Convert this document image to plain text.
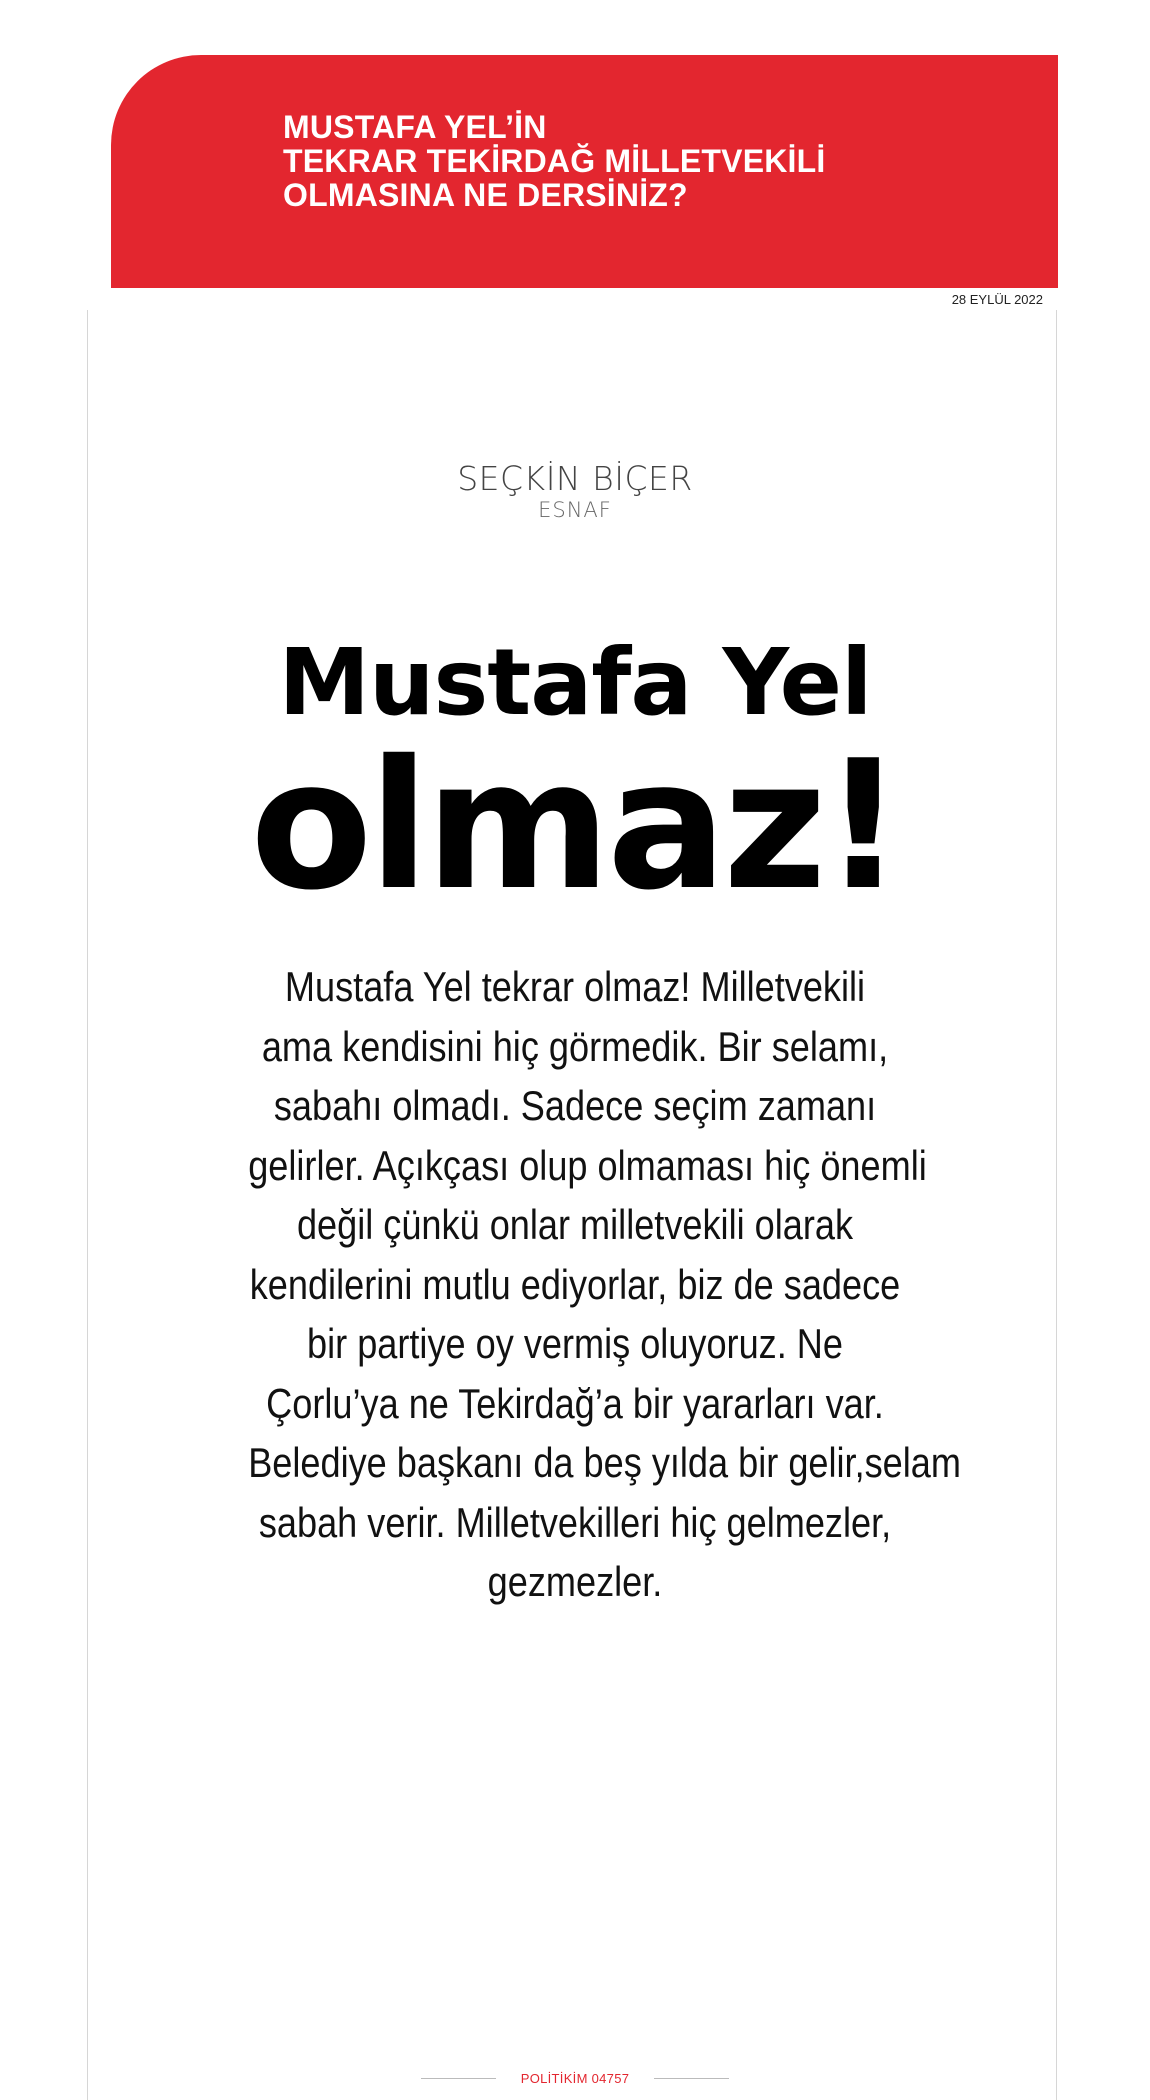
MUSTAFA YEL’İN
TEKRAR TEKİRDAĞ MİLLETVEKİLİ
OLMASINA NE DERSİNİZ?
28 EYLÜL 2022
SEÇKİN BİÇER
ESNAF
Mustafa Yel
olmaz!
Mustafa Yel tekrar olmaz! Milletvekili
ama kendisini hiç görmedik. Bir selamı,
sabahı olmadı. Sadece seçim zamanı
gelirler. Açıkçası olup olmaması hiç önemli
değil çünkü onlar milletvekili olarak
kendilerini mutlu ediyorlar, biz de sadece
bir partiye oy vermiş oluyoruz. Ne
Çorlu’ya ne Tekirdağ’a bir yararları var.
Belediye başkanı da beş yılda bir gelir,selam
sabah verir. Milletvekilleri hiç gelmezler,
gezmezler.
POLİTİKİM 04757
